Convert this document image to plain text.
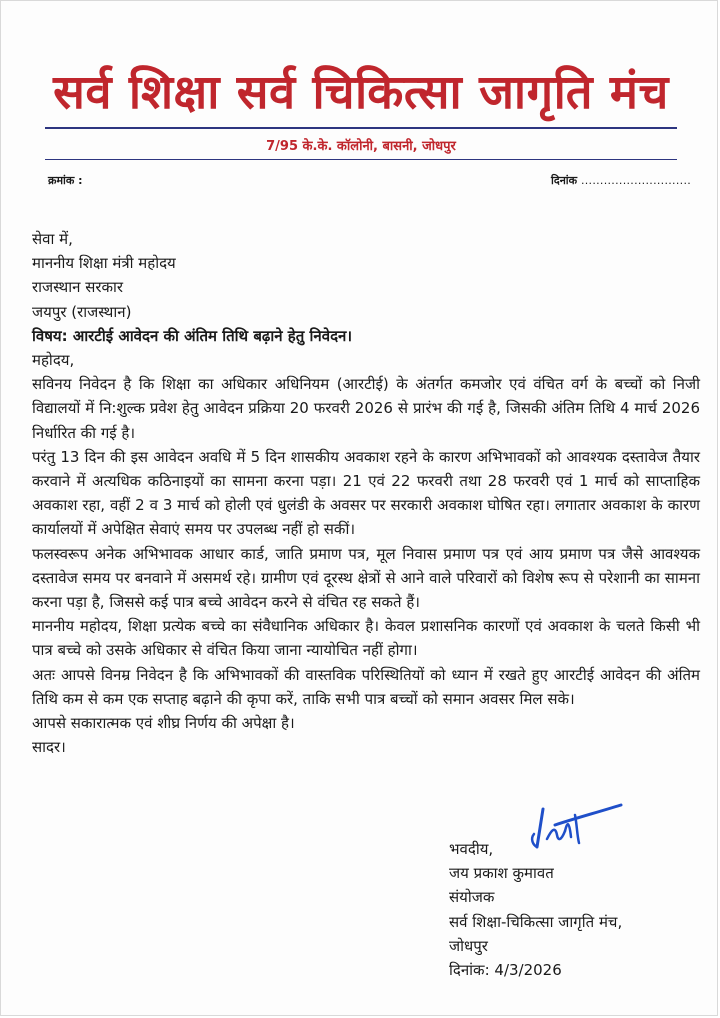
सर्व शिक्षा सर्व चिकित्सा जागृति मंच
7/95 के.के. कॉलोनी, बासनी, जोधपुर
क्रमांक :	दिनांक .............................

सेवा में,

माननीय शिक्षा मंत्री महोदय

राजस्थान सरकार

जयपुर (राजस्थान)

विषय: आरटीई आवेदन की अंतिम तिथि बढ़ाने हेतु निवेदन।

महोदय,

सविनय निवेदन है कि शिक्षा का अधिकार अधिनियम (आरटीई) के अंतर्गत कमजोर एवं वंचित वर्ग के बच्चों को निजी विद्यालयों में नि:शुल्क प्रवेश हेतु आवेदन प्रक्रिया 20 फरवरी 2026 से प्रारंभ की गई है, जिसकी अंतिम तिथि 4 मार्च 2026 निर्धारित की गई है।

परंतु 13 दिन की इस आवेदन अवधि में 5 दिन शासकीय अवकाश रहने के कारण अभिभावकों को आवश्यक दस्तावेज तैयार करवाने में अत्यधिक कठिनाइयों का सामना करना पड़ा। 21 एवं 22 फरवरी तथा 28 फरवरी एवं 1 मार्च को साप्ताहिक अवकाश रहा, वहीं 2 व 3 मार्च को होली एवं धुलंडी के अवसर पर सरकारी अवकाश घोषित रहा। लगातार अवकाश के कारण कार्यालयों में अपेक्षित सेवाएं समय पर उपलब्ध नहीं हो सकीं।

फलस्वरूप अनेक अभिभावक आधार कार्ड, जाति प्रमाण पत्र, मूल निवास प्रमाण पत्र एवं आय प्रमाण पत्र जैसे आवश्यक दस्तावेज समय पर बनवाने में असमर्थ रहे। ग्रामीण एवं दूरस्थ क्षेत्रों से आने वाले परिवारों को विशेष रूप से परेशानी का सामना करना पड़ा है, जिससे कई पात्र बच्चे आवेदन करने से वंचित रह सकते हैं।

माननीय महोदय, शिक्षा प्रत्येक बच्चे का संवैधानिक अधिकार है। केवल प्रशासनिक कारणों एवं अवकाश के चलते किसी भी पात्र बच्चे को उसके अधिकार से वंचित किया जाना न्यायोचित नहीं होगा।

अतः आपसे विनम्र निवेदन है कि अभिभावकों की वास्तविक परिस्थितियों को ध्यान में रखते हुए आरटीई आवेदन की अंतिम तिथि कम से कम एक सप्ताह बढ़ाने की कृपा करें, ताकि सभी पात्र बच्चों को समान अवसर मिल सके।

आपसे सकारात्मक एवं शीघ्र निर्णय की अपेक्षा है।

सादर।

भवदीय,

जय प्रकाश कुमावत

संयोजक

सर्व शिक्षा-चिकित्सा जागृति मंच,

जोधपुर

दिनांक: 4/3/2026
